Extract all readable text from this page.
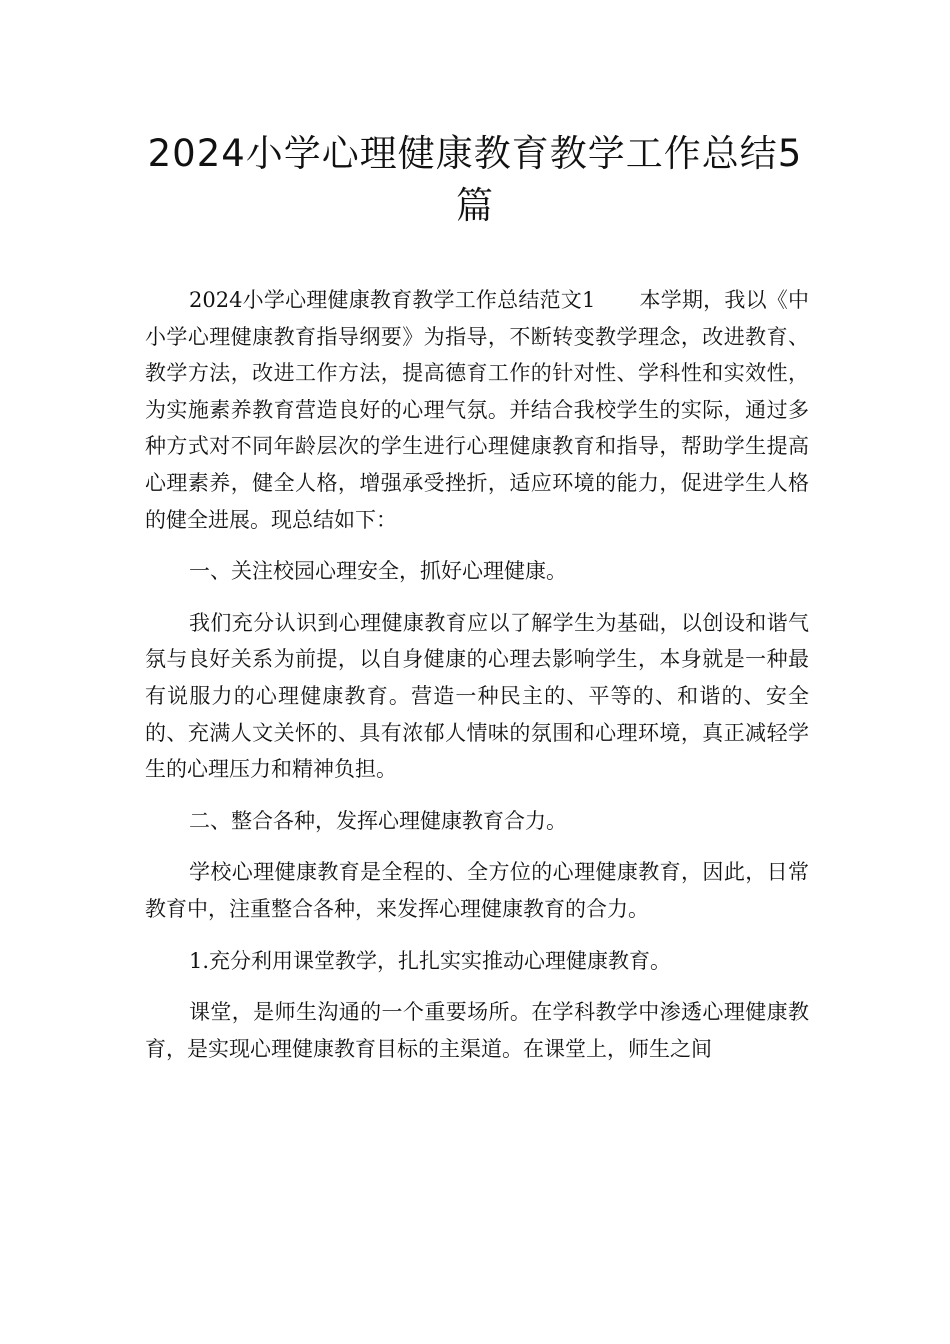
2024小学心理健康教育教学工作总结5篇

2024小学心理健康教育教学工作总结范文1 本学期，我以《中小学心理健康教育指导纲要》为指导，不断转变教学理念，改进教育、教学方法，改进工作方法，提高德育工作的针对性、学科性和实效性，为实施素养教育营造良好的心理气氛。并结合我校学生的实际，通过多种方式对不同年龄层次的学生进行心理健康教育和指导，帮助学生提高心理素养，健全人格，增强承受挫折，适应环境的能力，促进学生人格的健全进展。现总结如下：

一、关注校园心理安全，抓好心理健康。

我们充分认识到心理健康教育应以了解学生为基础，以创设和谐气氛与良好关系为前提，以自身健康的心理去影响学生，本身就是一种最有说服力的心理健康教育。营造一种民主的、平等的、和谐的、安全的、充满人文关怀的、具有浓郁人情味的氛围和心理环境，真正减轻学生的心理压力和精神负担。

二、整合各种，发挥心理健康教育合力。

学校心理健康教育是全程的、全方位的心理健康教育，因此，日常教育中，注重整合各种，来发挥心理健康教育的合力。

1.充分利用课堂教学，扎扎实实推动心理健康教育。

课堂，是师生沟通的一个重要场所。在学科教学中渗透心理健康教育，是实现心理健康教育目标的主渠道。在课堂上，师生之间
